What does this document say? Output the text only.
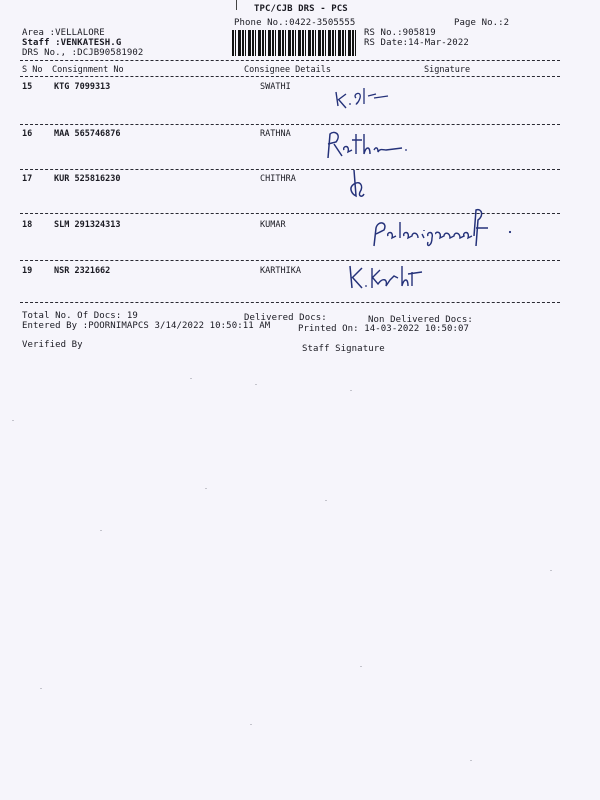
TPC/CJB DRS - PCS
Phone No.:0422-3505555	Page No.:2
Area :VELLALORE
Staff :VENKATESH.G
DRS No., :DCJB90581902
RS No.:905819
RS Date:14-Mar-2022
S No Consignment No	Consignee Details	Signature
15	KTG 7099313	SWATHI
16	MAA 565746876	RATHNA
17	KUR 525816230	CHITHRA
18	SLM 291324313	KUMAR
19	NSR 2321662	KARTHIKA
Total No. Of Docs: 19	Delivered Docs:	Non Delivered Docs:
Entered By :POORNIMAPCS 3/14/2022 10:50:11 AM	Printed On: 14-03-2022 10:50:07
Verified By	Staff Signature
